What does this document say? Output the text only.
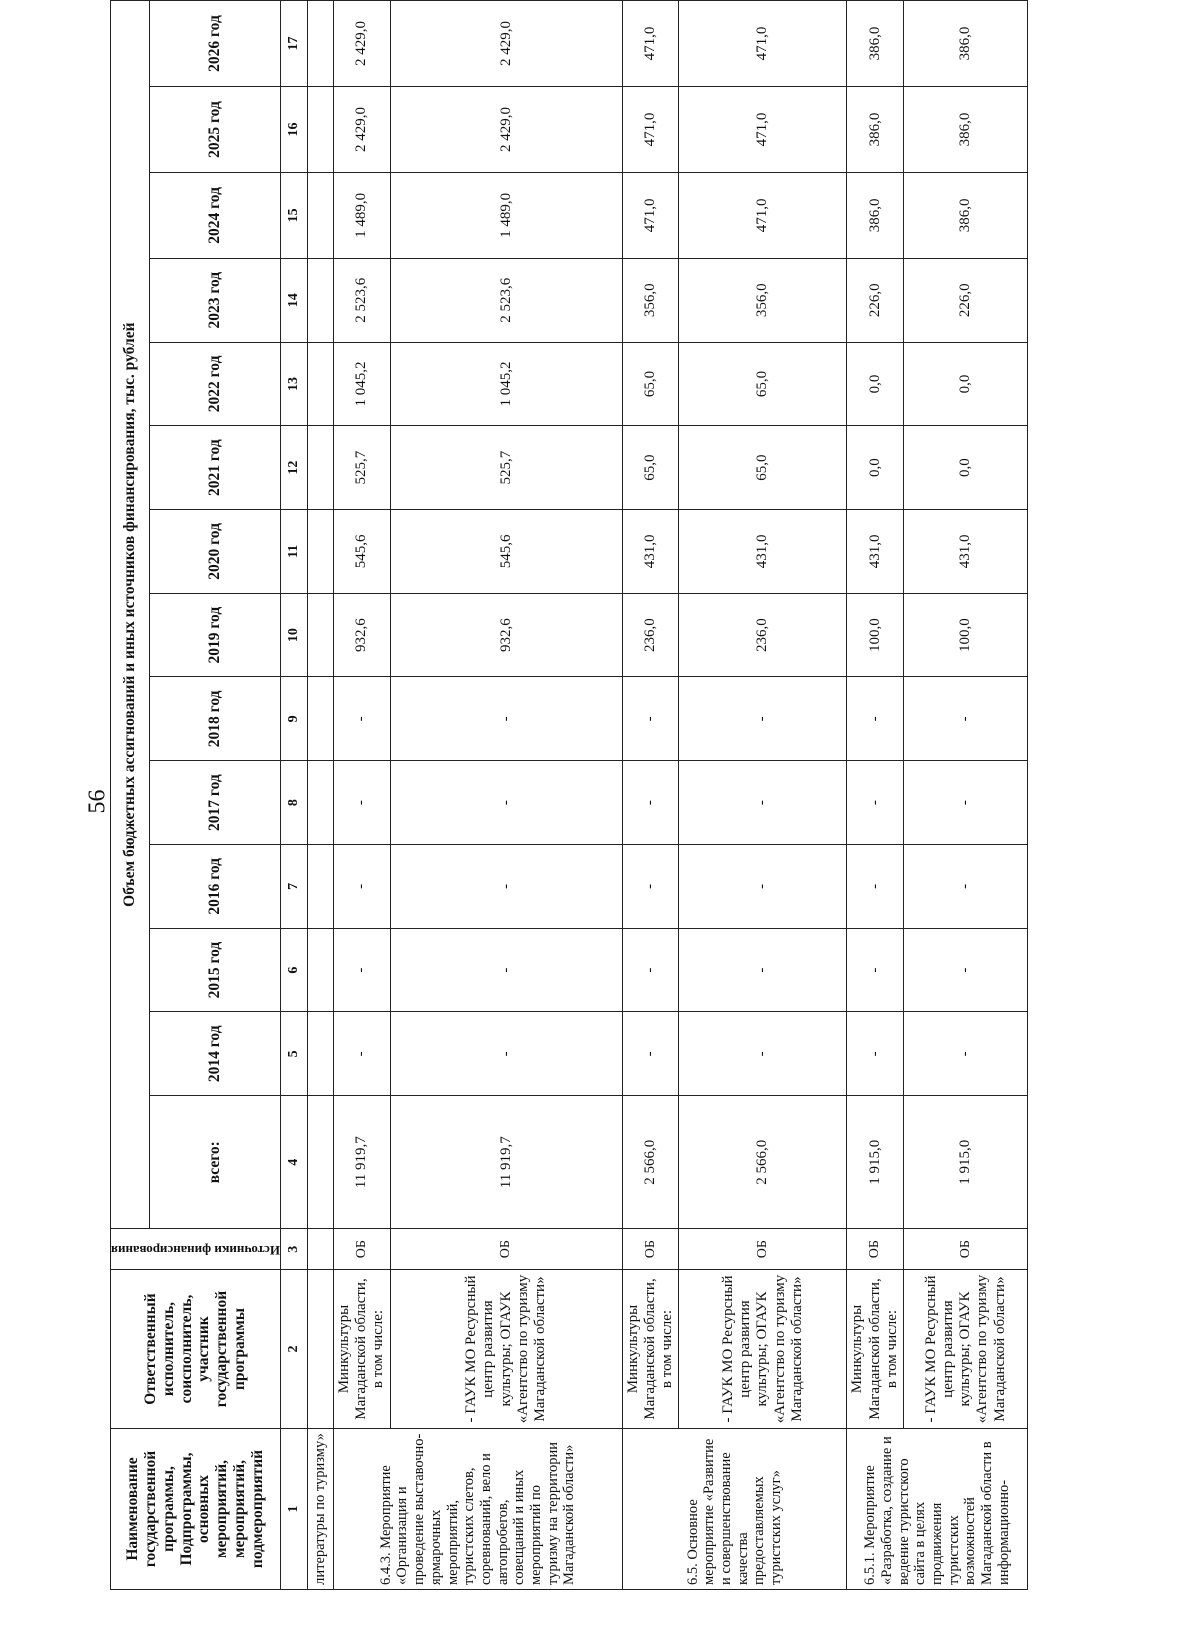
56
Наименование государственной программы, Подпрограммы, основных мероприятий, мероприятий, подмероприятий	Ответственный исполнитель, соисполнитель, участник государственной программы	Источники финансирования	Объем бюджетных ассигнований и иных источников финансирования, тыс. рублей													
			всего:	2014 год	2015 год	2016 год	2017 год	2018 год	2019 год	2020 год	2021 год	2022 год	2023 год	2024 год	2025 год	2026 год
1	2	3	4	5	6	7	8	9	10	11	12	13	14	15	16	17
литературы по туризму»																
6.4.3. Мероприятие «Организация и проведение выставочно-ярмарочных мероприятий, туристских слетов, соревнований, вело и автопробегов, совещаний и иных мероприятий по туризму на территории Магаданской области»	Минкультуры Магаданской области, в том числе:	ОБ	11 919,7	-	-	-	-	-	932,6	545,6	525,7	1 045,2	2 523,6	1 489,0	2 429,0	2 429,0
	- ГАУК МО Ресурсный центр развития культуры; ОГАУК «Агентство по туризму Магаданской области»	ОБ	11 919,7	-	-	-	-	-	932,6	545,6	525,7	1 045,2	2 523,6	1 489,0	2 429,0	2 429,0
6.5. Основное мероприятие «Развитие и совершенствование качества предоставляемых туристских услуг»	Минкультуры Магаданской области, в том числе:	ОБ	2 566,0	-	-	-	-	-	236,0	431,0	65,0	65,0	356,0	471,0	471,0	471,0
	- ГАУК МО Ресурсный центр развития культуры; ОГАУК «Агентство по туризму Магаданской области»	ОБ	2 566,0	-	-	-	-	-	236,0	431,0	65,0	65,0	356,0	471,0	471,0	471,0
6.5.1. Мероприятие «Разработка, создание и ведение туристского сайта в целях продвижения туристских возможностей Магаданской области в информационно-	Минкультуры Магаданской области, в том числе:	ОБ	1 915,0	-	-	-	-	-	100,0	431,0	0,0	0,0	226,0	386,0	386,0	386,0
	- ГАУК МО Ресурсный центр развития культуры; ОГАУК «Агентство по туризму Магаданской области»	ОБ	1 915,0	-	-	-	-	-	100,0	431,0	0,0	0,0	226,0	386,0	386,0	386,0
